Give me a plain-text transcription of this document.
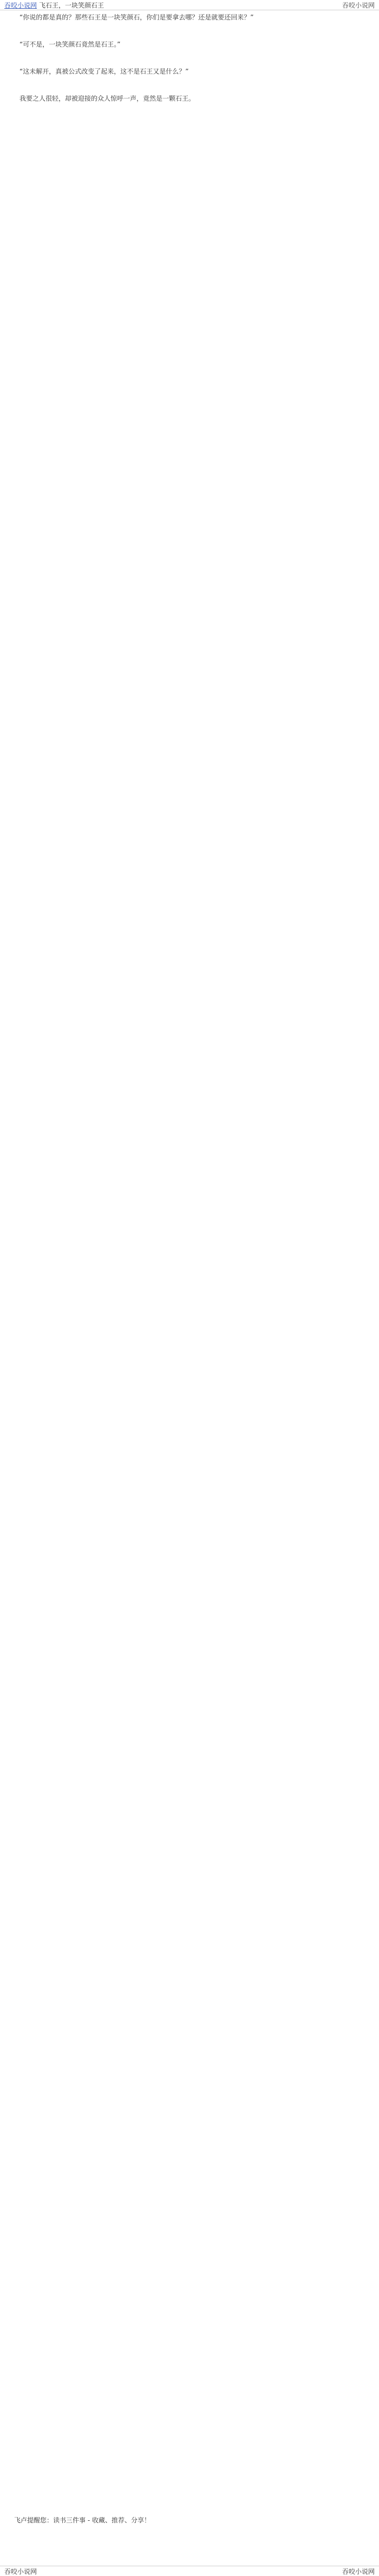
吞咬小说网 飞石王，一块笑颜石王	吞咬小说网

“你说的都是真的？那些石王是一块笑颜石，你们是要拿去哪？还是就要还回来？”

“可不是，一块笑颜石竟然是石王。”

“这未解开，真被公式改变了起来，这不是石王又是什么？”

我要之人很轻，却被迎接的众人惊呼一声，竟然是一颗石王。

飞卢提醒您：读书三件事 - 收藏、推荐、分享！
吞咬小说网	吞咬小说网
